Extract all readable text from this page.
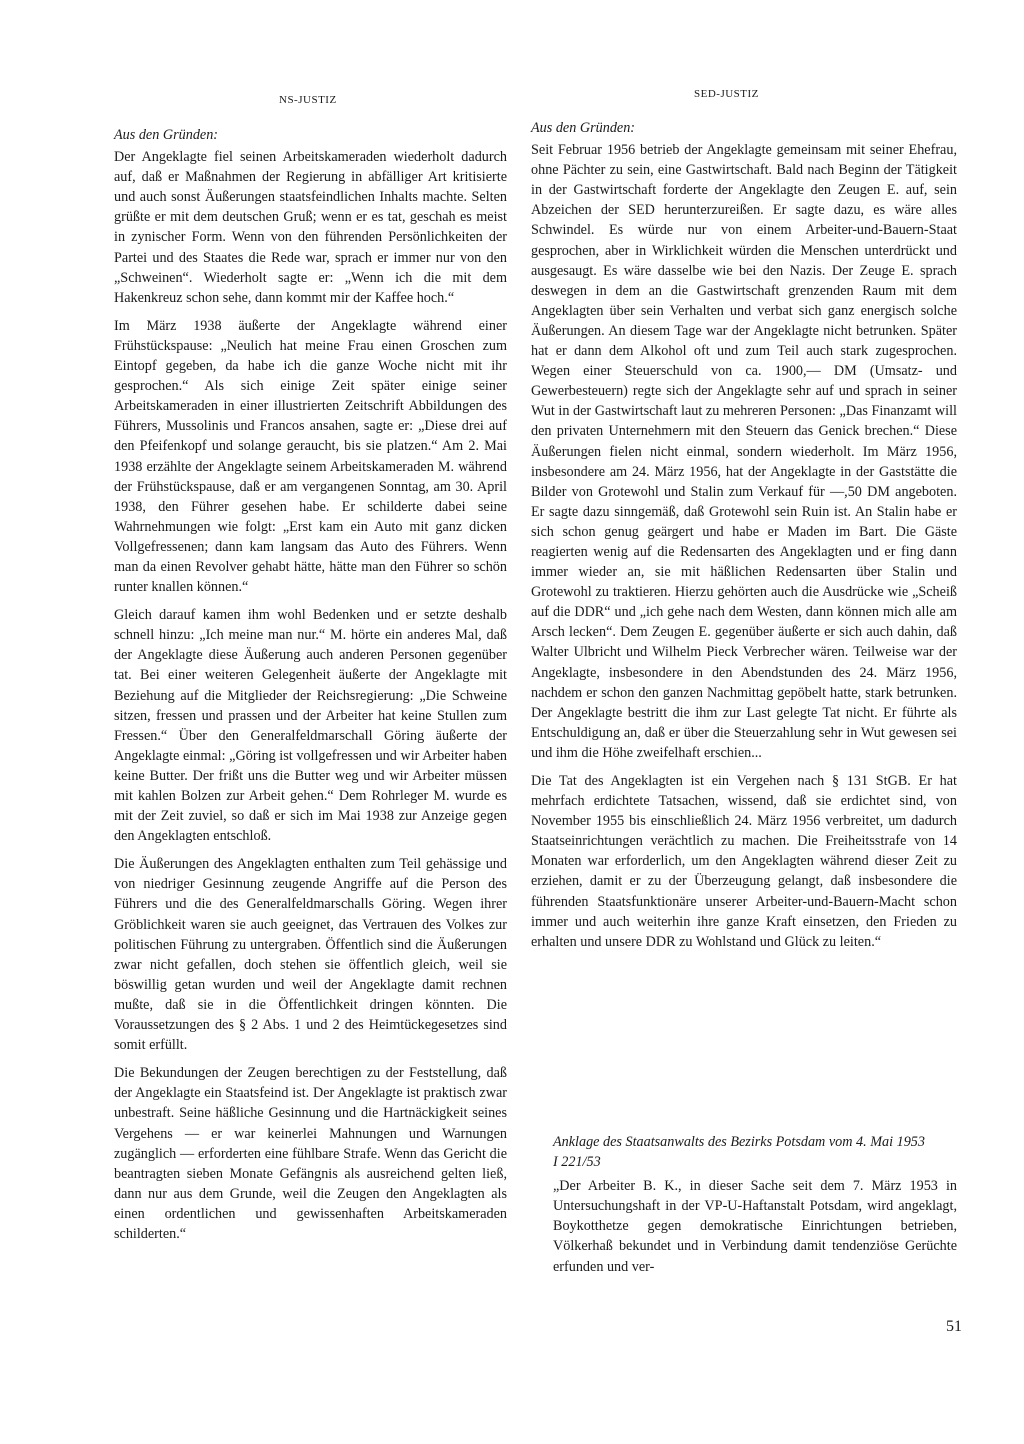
NS-JUSTIZ	SED-JUSTIZ

Aus den Gründen:

Der Angeklagte fiel seinen Arbeitskameraden wiederholt dadurch auf, daß er Maßnahmen der Regierung in abfälliger Art kritisierte und auch sonst Äußerungen staatsfeindlichen Inhalts machte. Selten grüßte er mit dem deutschen Gruß; wenn er es tat, geschah es meist in zynischer Form. Wenn von den führenden Persönlichkeiten der Partei und des Staates die Rede war, sprach er immer nur von den „Schweinen“. Wiederholt sagte er: „Wenn ich die mit dem Hakenkreuz schon sehe, dann kommt mir der Kaffee hoch.“

Im März 1938 äußerte der Angeklagte während einer Frühstückspause: „Neulich hat meine Frau einen Groschen zum Eintopf gegeben, da habe ich die ganze Woche nicht mit ihr gesprochen.“ Als sich einige Zeit später einige seiner Arbeitskameraden in einer illustrierten Zeitschrift Abbildungen des Führers, Mussolinis und Francos ansahen, sagte er: „Diese drei auf den Pfeifenkopf und solange geraucht, bis sie platzen.“ Am 2. Mai 1938 erzählte der Angeklagte seinem Arbeitskameraden M. während der Frühstückspause, daß er am vergangenen Sonntag, am 30. April 1938, den Führer gesehen habe. Er schilderte dabei seine Wahrnehmungen wie folgt: „Erst kam ein Auto mit ganz dicken Vollgefressenen; dann kam langsam das Auto des Führers. Wenn man da einen Revolver gehabt hätte, hätte man den Führer so schön runter knallen können.“

Gleich darauf kamen ihm wohl Bedenken und er setzte deshalb schnell hinzu: „Ich meine man nur.“ M. hörte ein anderes Mal, daß der Angeklagte diese Äußerung auch anderen Personen gegenüber tat. Bei einer weiteren Gelegenheit äußerte der Angeklagte mit Beziehung auf die Mitglieder der Reichsregierung: „Die Schweine sitzen, fressen und prassen und der Arbeiter hat keine Stullen zum Fressen.“ Über den Generalfeldmarschall Göring äußerte der Angeklagte einmal: „Göring ist vollgefressen und wir Arbeiter haben keine Butter. Der frißt uns die Butter weg und wir Arbeiter müssen mit kahlen Bolzen zur Arbeit gehen.“ Dem Rohrleger M. wurde es mit der Zeit zuviel, so daß er sich im Mai 1938 zur Anzeige gegen den Angeklagten entschloß.

Die Äußerungen des Angeklagten enthalten zum Teil gehässige und von niedriger Gesinnung zeugende Angriffe auf die Person des Führers und die des Generalfeldmarschalls Göring. Wegen ihrer Gröblichkeit waren sie auch geeignet, das Vertrauen des Volkes zur politischen Führung zu untergraben. Öffentlich sind die Äußerungen zwar nicht gefallen, doch stehen sie öffentlich gleich, weil sie böswillig getan wurden und weil der Angeklagte damit rechnen mußte, daß sie in die Öffentlichkeit dringen könnten. Die Voraussetzungen des § 2 Abs. 1 und 2 des Heimtückegesetzes sind somit erfüllt.

Die Bekundungen der Zeugen berechtigen zu der Feststellung, daß der Angeklagte ein Staatsfeind ist. Der Angeklagte ist praktisch zwar unbestraft. Seine häßliche Gesinnung und die Hartnäckigkeit seines Vergehens — er war keinerlei Mahnungen und Warnungen zugänglich — erforderten eine fühlbare Strafe. Wenn das Gericht die beantragten sieben Monate Gefängnis als ausreichend gelten ließ, dann nur aus dem Grunde, weil die Zeugen den Angeklagten als einen ordentlichen und gewissenhaften Arbeitskameraden schilderten.“

Aus den Gründen:

Seit Februar 1956 betrieb der Angeklagte gemeinsam mit seiner Ehefrau, ohne Pächter zu sein, eine Gastwirtschaft. Bald nach Beginn der Tätigkeit in der Gastwirtschaft forderte der Angeklagte den Zeugen E. auf, sein Abzeichen der SED herunterzureißen. Er sagte dazu, es wäre alles Schwindel. Es würde nur von einem Arbeiter-und-Bauern-Staat gesprochen, aber in Wirklichkeit würden die Menschen unterdrückt und ausgesaugt. Es wäre dasselbe wie bei den Nazis. Der Zeuge E. sprach deswegen in dem an die Gastwirtschaft grenzenden Raum mit dem Angeklagten über sein Verhalten und verbat sich ganz energisch solche Äußerungen. An diesem Tage war der Angeklagte nicht betrunken. Später hat er dann dem Alkohol oft und zum Teil auch stark zugesprochen. Wegen einer Steuerschuld von ca. 1900,— DM (Umsatz- und Gewerbesteuern) regte sich der Angeklagte sehr auf und sprach in seiner Wut in der Gastwirtschaft laut zu mehreren Personen: „Das Finanzamt will den privaten Unternehmern mit den Steuern das Genick brechen.“ Diese Äußerungen fielen nicht einmal, sondern wiederholt. Im März 1956, insbesondere am 24. März 1956, hat der Angeklagte in der Gaststätte die Bilder von Grotewohl und Stalin zum Verkauf für —,50 DM angeboten. Er sagte dazu sinngemäß, daß Grotewohl sein Ruin ist. An Stalin habe er sich schon genug geärgert und habe er Maden im Bart. Die Gäste reagierten wenig auf die Redensarten des Angeklagten und er fing dann immer wieder an, sie mit häßlichen Redensarten über Stalin und Grotewohl zu traktieren. Hierzu gehörten auch die Ausdrücke wie „Scheiß auf die DDR“ und „ich gehe nach dem Westen, dann können mich alle am Arsch lecken“. Dem Zeugen E. gegenüber äußerte er sich auch dahin, daß Walter Ulbricht und Wilhelm Pieck Verbrecher wären. Teilweise war der Angeklagte, insbesondere in den Abendstunden des 24. März 1956, nachdem er schon den ganzen Nachmittag gepöbelt hatte, stark betrunken. Der Angeklagte bestritt die ihm zur Last gelegte Tat nicht. Er führte als Entschuldigung an, daß er über die Steuerzahlung sehr in Wut gewesen sei und ihm die Höhe zweifelhaft erschien...

Die Tat des Angeklagten ist ein Vergehen nach § 131 StGB. Er hat mehrfach erdichtete Tatsachen, wissend, daß sie erdichtet sind, von November 1955 bis einschließlich 24. März 1956 verbreitet, um dadurch Staatseinrichtungen verächtlich zu machen. Die Freiheitsstrafe von 14 Monaten war erforderlich, um den Angeklagten während dieser Zeit zu erziehen, damit er zu der Überzeugung gelangt, daß insbesondere die führenden Staatsfunktionäre unserer Arbeiter-und-Bauern-Macht schon immer und auch weiterhin ihre ganze Kraft einsetzen, den Frieden zu erhalten und unsere DDR zu Wohlstand und Glück zu leiten.“

Anklage des Staatsanwalts des Bezirks Potsdam vom 4. Mai 1953

I 221/53

„Der Arbeiter B. K., in dieser Sache seit dem 7. März 1953 in Untersuchungshaft in der VP-U-Haftanstalt Potsdam, wird angeklagt, Boykotthetze gegen demokratische Einrichtungen betrieben, Völkerhaß bekundet und in Verbindung damit tendenziöse Gerüchte erfunden und ver-

51
